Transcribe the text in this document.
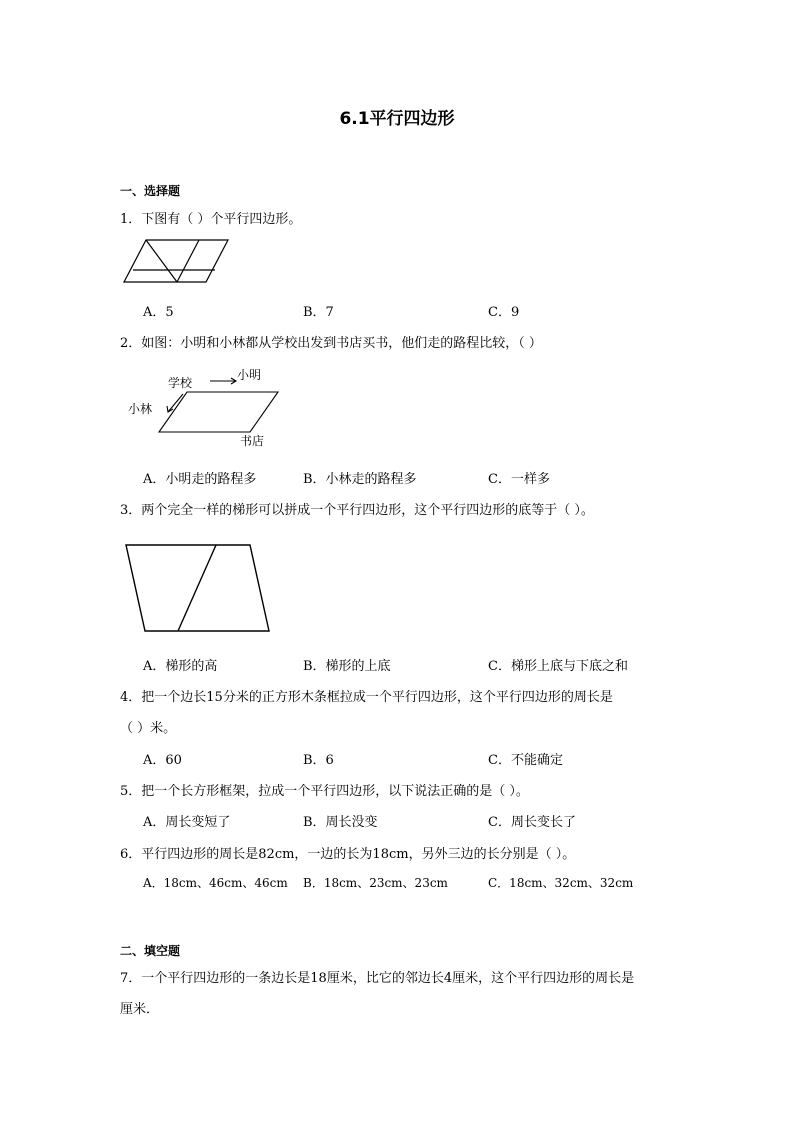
6.1平行四边形
一、选择题
1．下图有（ ）个平行四边形。
A．5	B．7	C．9
2．如图：小明和小林都从学校出发到书店买书，他们走的路程比较，（ ）
学校
小明
小林
书店
A．小明走的路程多	B．小林走的路程多	C．一样多
3．两个完全一样的梯形可以拼成一个平行四边形，这个平行四边形的底等于（ ）。
A．梯形的高	B．梯形的上底	C．梯形上底与下底之和
4．把一个边长15分米的正方形木条框拉成一个平行四边形，这个平行四边形的周长是
（ ）米。
A．60	B．6	C．不能确定
5．把一个长方形框架，拉成一个平行四边形，以下说法正确的是（ ）。
A．周长变短了	B．周长没变	C．周长变长了
6．平行四边形的周长是82cm，一边的长为18cm，另外三边的长分别是（ ）。
A．18cm、46cm、46cm B．18cm、23cm、23cm	C．18cm、32cm、32cm
二、填空题
7．一个平行四边形的一条边长是18厘米，比它的邻边长4厘米，这个平行四边形的周长是
厘米．
